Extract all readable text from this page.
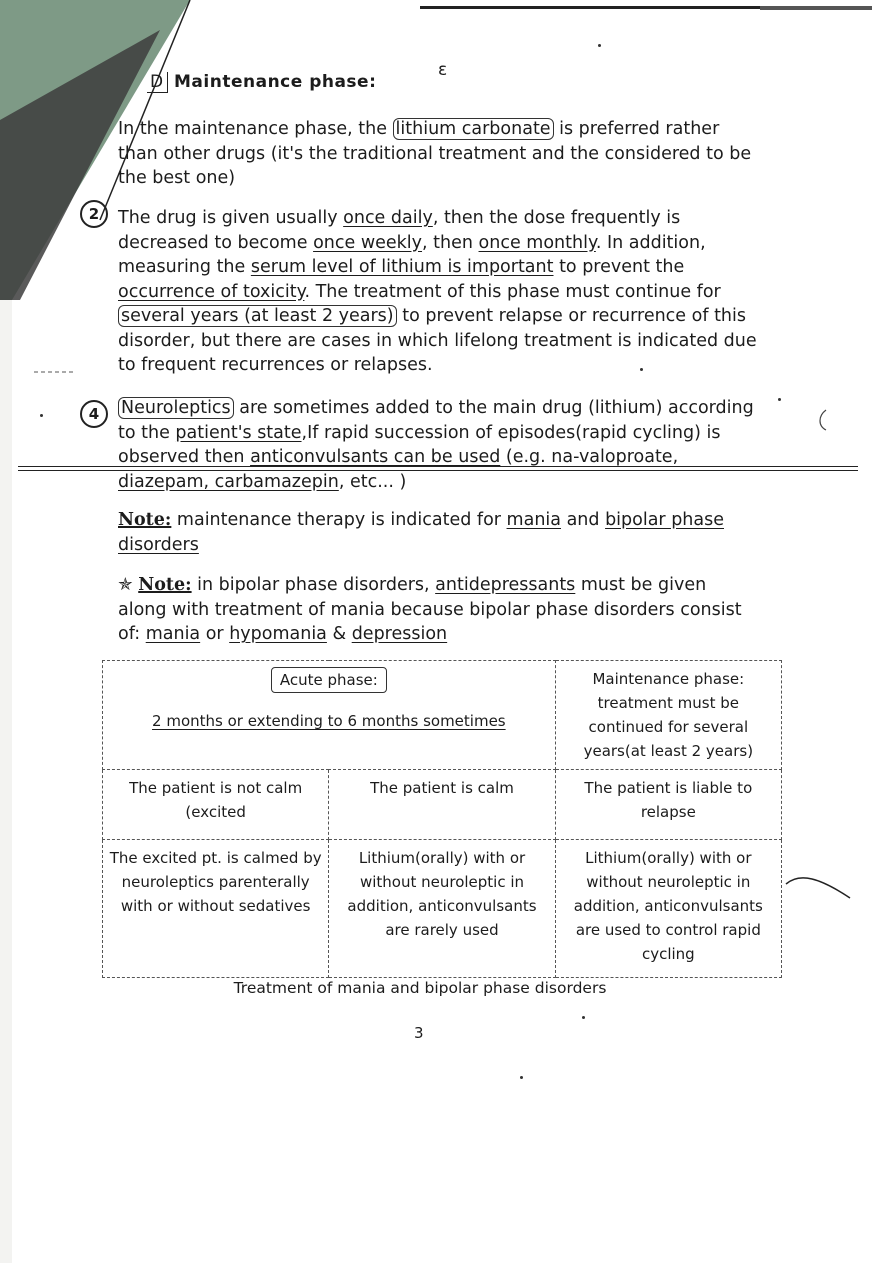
ε
D Maintenance phase:
In the maintenance phase, the lithium carbonate is preferred rather than other drugs (it's the traditional treatment and the considered to be the best one)
2	The drug is given usually once daily, then the dose frequently is decreased to become once weekly, then once monthly. In addition, measuring the serum level of lithium is important to prevent the occurrence of toxicity. The treatment of this phase must continue for several years (at least 2 years) to prevent relapse or recurrence of this disorder, but there are cases in which lifelong treatment is indicated due to frequent recurrences or relapses.
4	Neuroleptics are sometimes added to the main drug (lithium) according to the patient's state,If rapid succession of episodes(rapid cycling) is observed then anticonvulsants can be used (e.g. na-valoproate, diazepam, carbamazepin, etc... )
Note: maintenance therapy is indicated for mania and bipolar phase disorders
✯ Note: in bipolar phase disorders, antidepressants must be given along with treatment of mania because bipolar phase disorders consist of: mania or hypomania & depression
Acute phase:
2 months or extending to 6 months sometimes		Maintenance phase: treatment must be continued for several years(at least 2 years)
The patient is not calm (excited	The patient is calm	The patient is liable to relapse
The excited pt. is calmed by neuroleptics parenterally with or without sedatives	Lithium(orally) with or without neuroleptic in addition, anticonvulsants are rarely used	Lithium(orally) with or without neuroleptic in addition, anticonvulsants are used to control rapid cycling
Treatment of mania and bipolar phase disorders
3
